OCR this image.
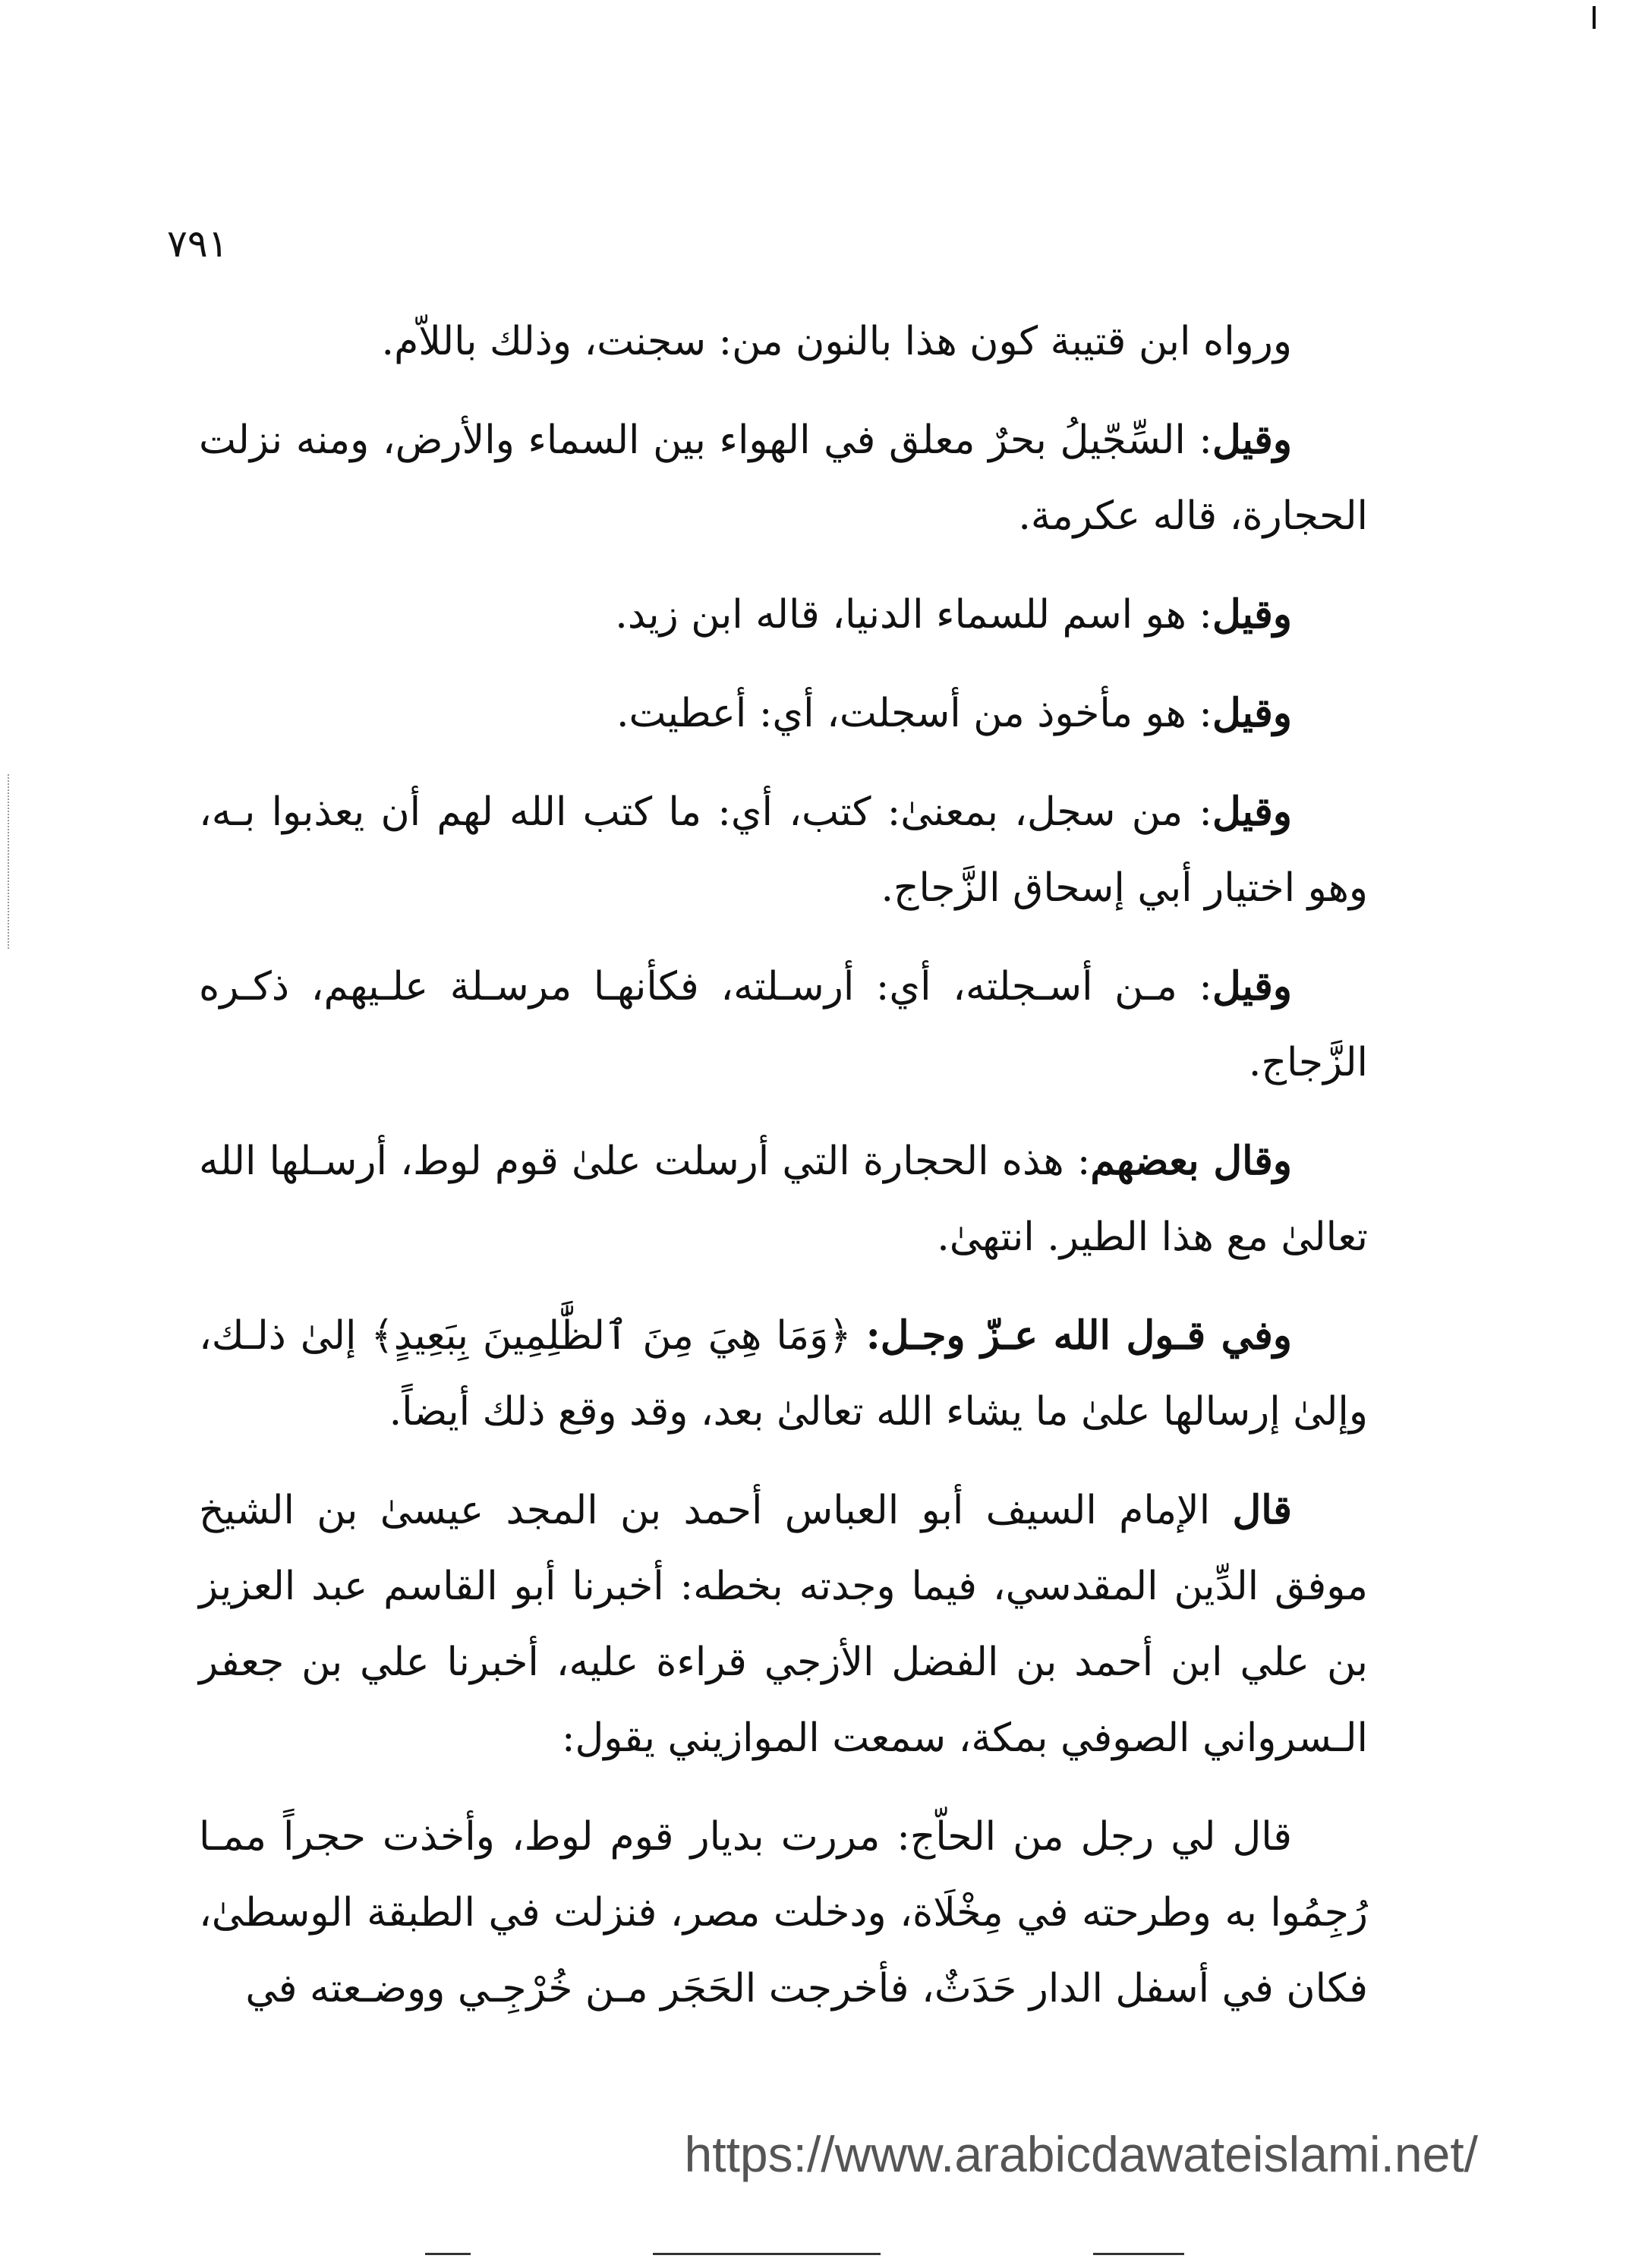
٧٩١

ورواه ابن قتيبة كون هذا بالنون من: سجنت، وذلك باللاّم.

وقيل: السِّجّيلُ بحرٌ معلق في الهواء بين السماء والأرض، ومنه نزلت الحجارة، قاله عكرمة.

وقيل: هو اسم للسماء الدنيا، قاله ابن زيد.

وقيل: هو مأخوذ من أسجلت، أي: أعطيت.

وقيل: من سجل، بمعنىٰ: كتب، أي: ما كتب الله لهم أن يعذبوا بـه، وهو اختيار أبي إسحاق الزَّجاج.

وقيل: مـن أسـجلته، أي: أرسـلته، فكأنهـا مرسـلة علـيهم، ذكـره الزَّجاج.

وقال بعضهم: هذه الحجارة التي أرسلت علىٰ قوم لوط، أرسـلها الله تعالىٰ مع هذا الطير. انتهىٰ.

وفي قـول الله عـزّ وجـل: ﴿وَمَا هِيَ مِنَ ٱلظَّٰلِمِينَ بِبَعِيدٍ﴾ إلىٰ ذلـك، وإلىٰ إرسالها علىٰ ما يشاء الله تعالىٰ بعد، وقد وقع ذلك أيضاً.

قال الإمام السيف أبو العباس أحمد بن المجد عيسىٰ بن الشيخ موفق الدِّين المقدسي، فيما وجدته بخطه: أخبرنا أبو القاسم عبد العزيز بن علي ابن أحمد بن الفضل الأزجي قراءة عليه، أخبرنا علي بن جعفر الـسرواني الصوفي بمكة، سمعت الموازيني يقول:

قال لي رجل من الحاّج: مررت بديار قوم لوط، وأخذت حجراً ممـا رُجِمُوا به وطرحته في مِخْلَاة، ودخلت مصر، فنزلت في الطبقة الوسطىٰ، فكان في أسفل الدار حَدَثٌ، فأخرجت الحَجَر مـن خُرْجِـي ووضـعته في

https://www.arabicdawateislami.net/
